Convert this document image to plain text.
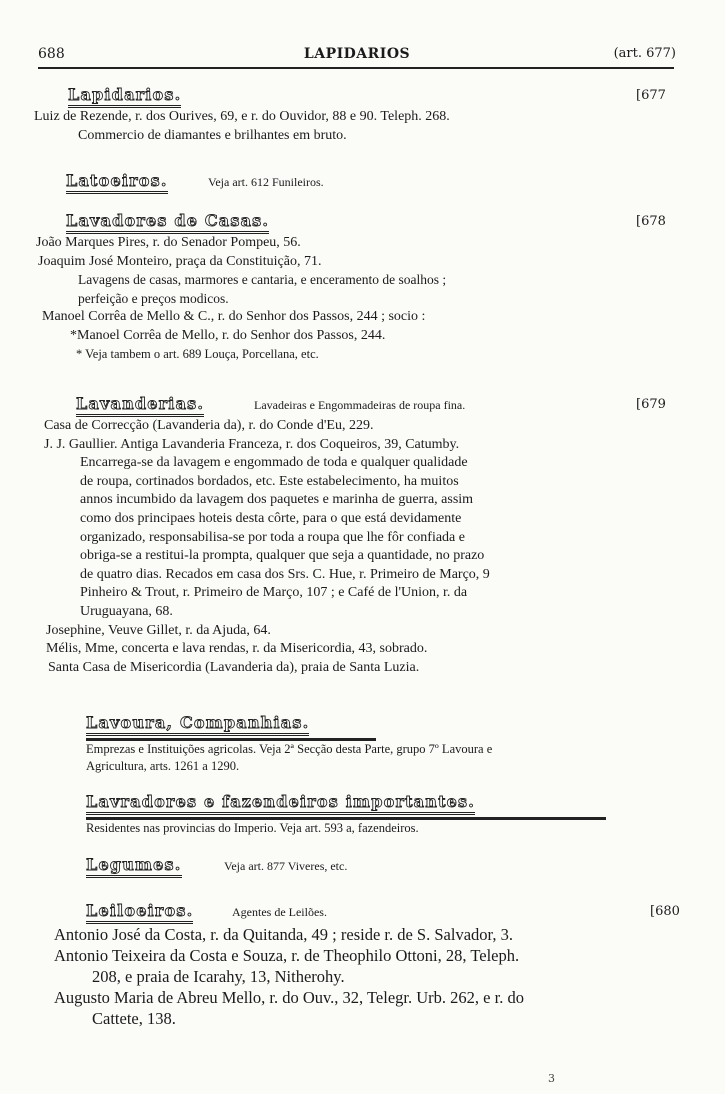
688	LAPIDARIOS	(art. 677)
Lapidarios.	[677
Luiz de Rezende, r. dos Ourives, 69, e r. do Ouvidor, 88 e 90. Teleph. 268.
Commercio de diamantes e brilhantes em bruto.
Latoeiros.	Veja art. 612 Funileiros.
Lavadores de Casas.	[678
João Marques Pires, r. do Senador Pompeu, 56.
Joaquim José Monteiro, praça da Constituição, 71.
Lavagens de casas, marmores e cantaria, e enceramento de soalhos ;
perfeição e preços modicos.
Manoel Corrêa de Mello & C., r. do Senhor dos Passos, 244 ; socio :
*Manoel Corrêa de Mello, r. do Senhor dos Passos, 244.
* Veja tambem o art. 689 Louça, Porcellana, etc.
Lavanderias.	Lavadeiras e Engommadeiras de roupa fina.	[679
Casa de Correcção (Lavanderia da), r. do Conde d'Eu, 229.
J. J. Gaullier. Antiga Lavanderia Franceza, r. dos Coqueiros, 39, Catumby.
Encarrega-se da lavagem e engommado de toda e qualquer qualidade
de roupa, cortinados bordados, etc. Este estabelecimento, ha muitos
annos incumbido da lavagem dos paquetes e marinha de guerra, assim
como dos principaes hoteis desta côrte, para o que está devidamente
organizado, responsabilisa-se por toda a roupa que lhe fôr confiada e
obriga-se a restitui-la prompta, qualquer que seja a quantidade, no prazo
de quatro dias. Recados em casa dos Srs. C. Hue, r. Primeiro de Março, 9
Pinheiro & Trout, r. Primeiro de Março, 107 ; e Café de l'Union, r. da
Uruguayana, 68.
Josephine, Veuve Gillet, r. da Ajuda, 64.
Mélis, Mme, concerta e lava rendas, r. da Misericordia, 43, sobrado.
Santa Casa de Misericordia (Lavanderia da), praia de Santa Luzia.
Lavoura, Companhias.
Emprezas e Instituições agricolas. Veja 2ª Secção desta Parte, grupo 7º Lavoura e
Agricultura, arts. 1261 a 1290.
Lavradores e fazendeiros importantes.
Residentes nas provincias do Imperio. Veja art. 593 a, fazendeiros.
Legumes.	Veja art. 877 Viveres, etc.
Leiloeiros.	Agentes de Leilões.	[680
Antonio José da Costa, r. da Quitanda, 49 ; reside r. de S. Salvador, 3.
Antonio Teixeira da Costa e Souza, r. de Theophilo Ottoni, 28, Teleph.
208, e praia de Icarahy, 13, Nitherohy.
Augusto Maria de Abreu Mello, r. do Ouv., 32, Telegr. Urb. 262, e r. do
Cattete, 138.
3
